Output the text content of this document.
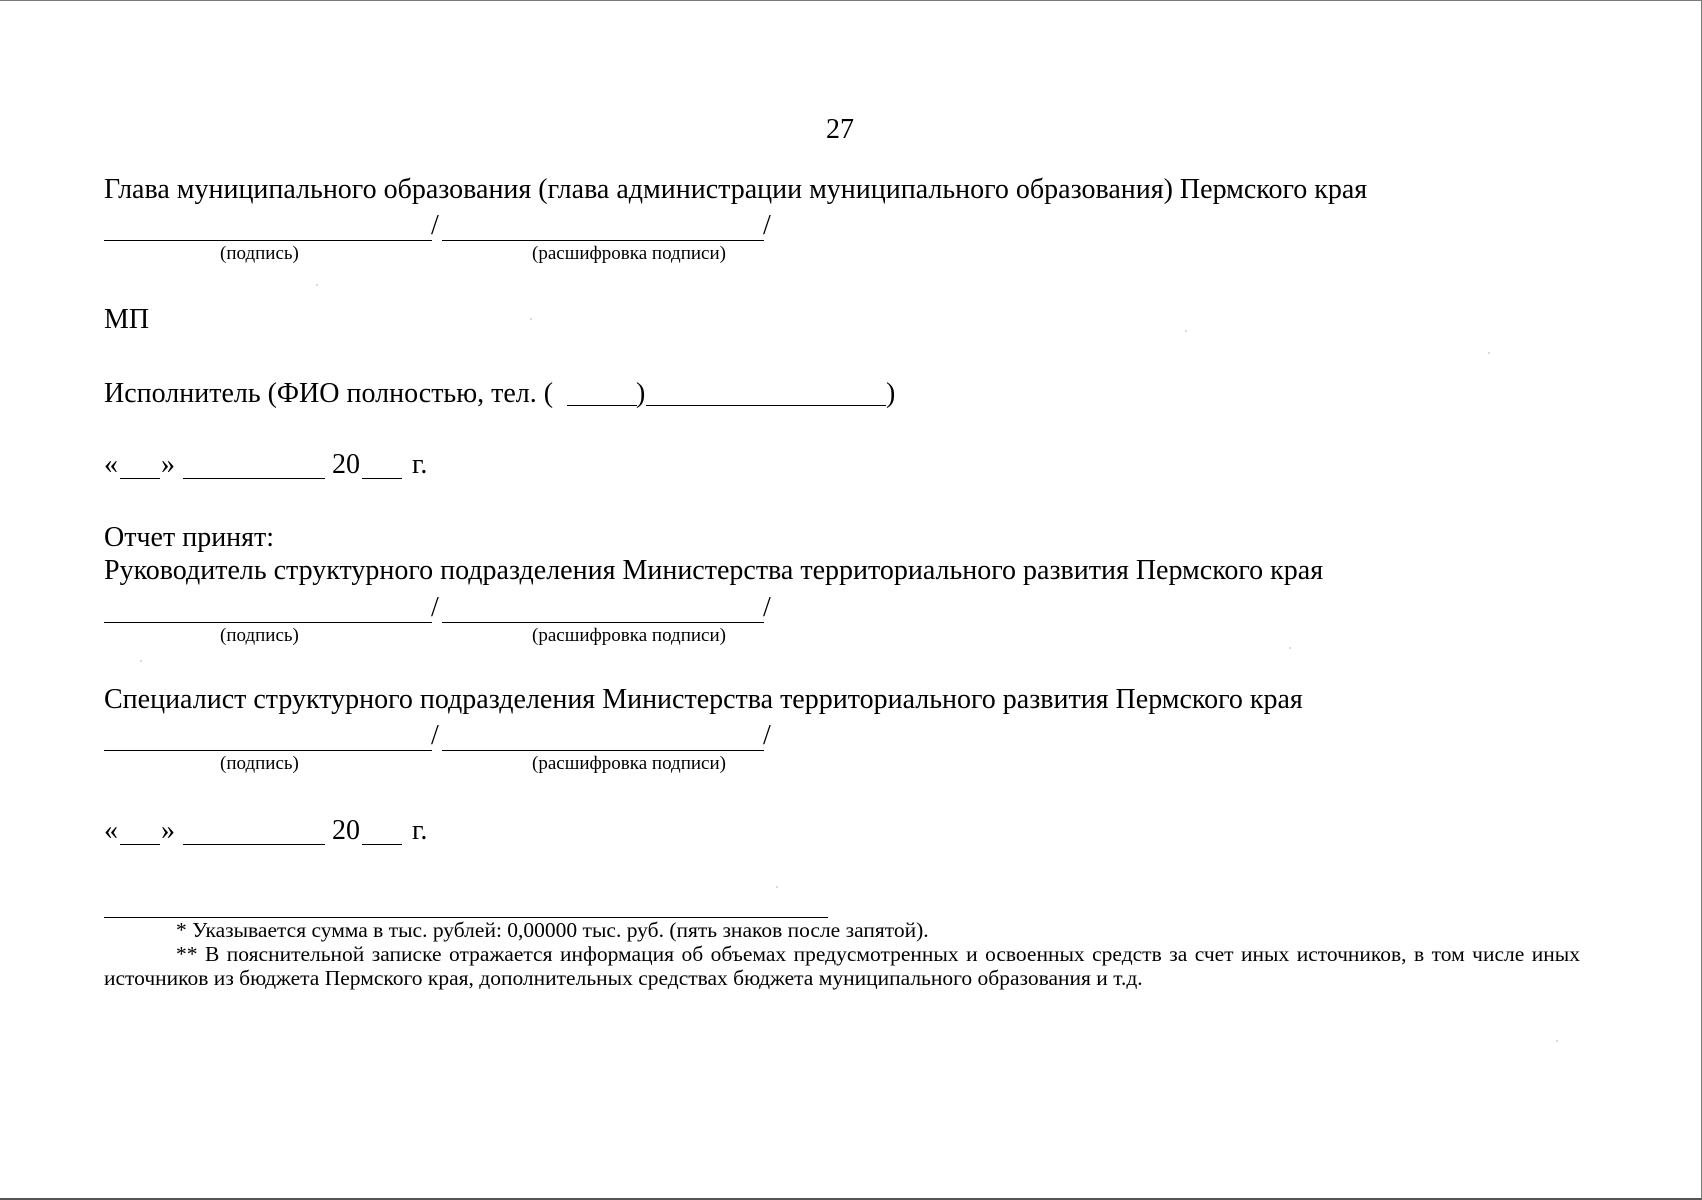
27
Глава муниципального образования (глава администрации муниципального образования) Пермского края
/	/
(подпись)	(расшифровка подписи)
МП
Исполнитель (ФИО полностью, тел. (	)	)
« »	20 г.
Отчет принят:
Руководитель структурного подразделения Министерства территориального развития Пермского края
/	/
(подпись)	(расшифровка подписи)
Специалист структурного подразделения Министерства территориального развития Пермского края
/	/
(подпись)	(расшифровка подписи)
« »	20 г.
* Указывается сумма в тыс. рублей: 0,00000 тыс. руб. (пять знаков после запятой).
** В пояснительной записке отражается информация об объемах предусмотренных и освоенных средств за счет иных источников, в том числе иных источников из бюджета Пермского края, дополнительных средствах бюджета муниципального образования и т.д.
